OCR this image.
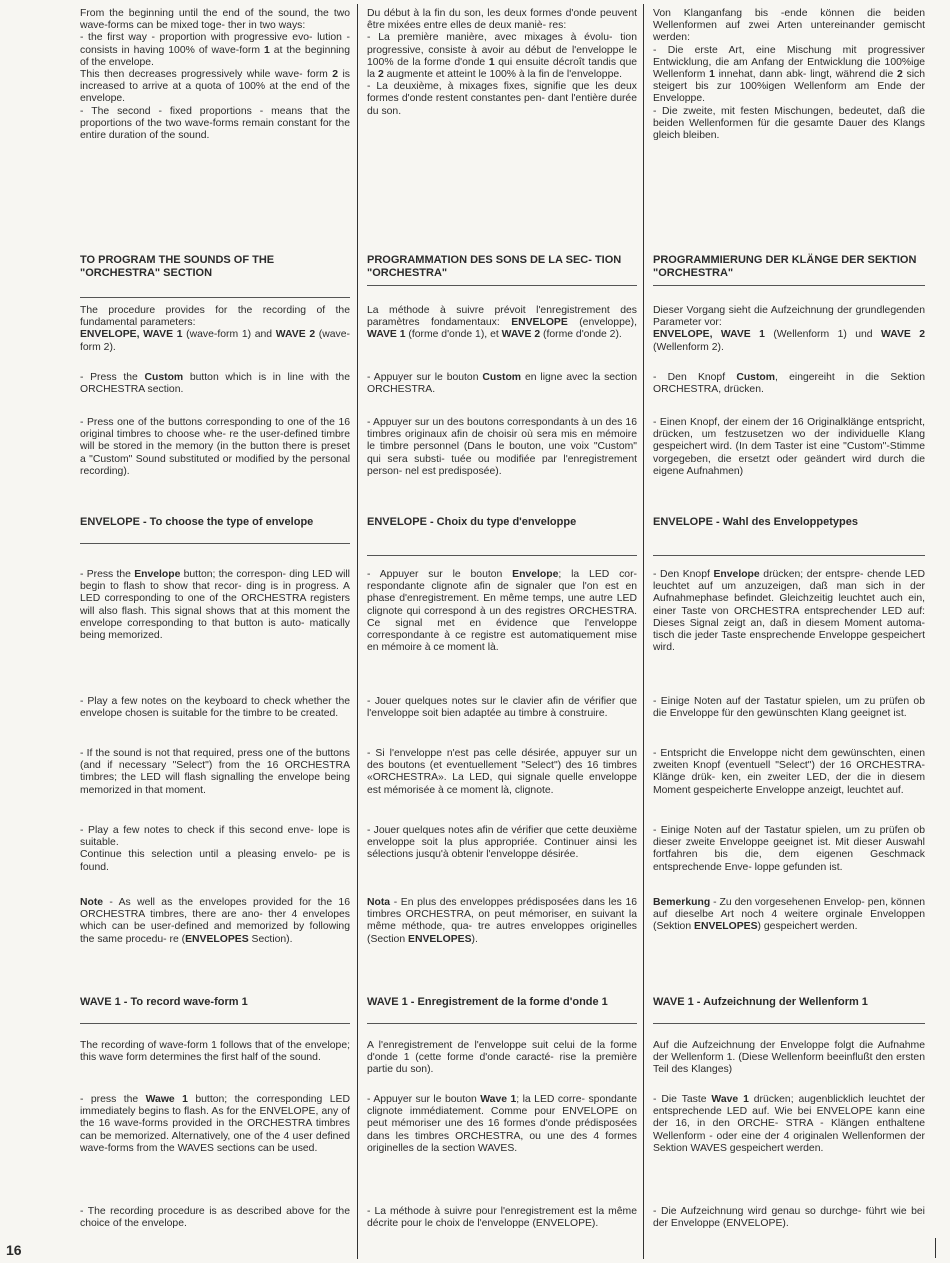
From the beginning until the end of the sound, the two wave-forms can be mixed toge- ther in two ways:

- the first way - proportion with progressive evo- lution - consists in having 100% of wave-form 1 at the beginning of the envelope.

This then decreases progressively while wave- form 2 is increased to arrive at a quota of 100% at the end of the envelope.

- The second - fixed proportions - means that the proportions of the two wave-forms remain constant for the entire duration of the sound.

TO PROGRAM THE SOUNDS OF THE "ORCHESTRA" SECTION

The procedure provides for the recording of the fundamental parameters:
ENVELOPE, WAVE 1 (wave-form 1) and WAVE 2 (wave-form 2).

- Press the Custom button which is in line with the ORCHESTRA section.

- Press one of the buttons corresponding to one of the 16 original timbres to choose whe- re the user-defined timbre will be stored in the memory (in the button there is preset a "Custom" Sound substituted or modified by the personal recording).

ENVELOPE - To choose the type of envelope

- Press the Envelope button; the correspon- ding LED will begin to flash to show that recor- ding is in progress. A LED corresponding to one of the ORCHESTRA registers will also flash. This signal shows that at this moment the envelope corresponding to that button is auto- matically being memorized.

- Play a few notes on the keyboard to check whether the envelope chosen is suitable for the timbre to be created.

- If the sound is not that required, press one of the buttons (and if necessary "Select") from the 16 ORCHESTRA timbres; the LED will flash signalling the envelope being memorized in that moment.

- Play a few notes to check if this second enve- lope is suitable.
Continue this selection until a pleasing envelo- pe is found.

Note - As well as the envelopes provided for the 16 ORCHESTRA timbres, there are ano- ther 4 envelopes which can be user-defined and memorized by following the same procedu- re (ENVELOPES Section).

WAVE 1 - To record wave-form 1

The recording of wave-form 1 follows that of the envelope; this wave form determines the first half of the sound.

- press the Wawe 1 button; the corresponding LED immediately begins to flash. As for the ENVELOPE, any of the 16 wave-forms provided in the ORCHESTRA timbres can be memorized. Alternatively, one of the 4 user defined wave-forms from the WAVES sections can be used.

- The recording procedure is as described above for the choice of the envelope.

Du début à la fin du son, les deux formes d'onde peuvent être mixées entre elles de deux maniè- res:

- La première manière, avec mixages à évolu- tion progressive, consiste à avoir au début de l'enveloppe le 100% de la forme d'onde 1 qui ensuite décroît tandis que la 2 augmente et atteint le 100% à la fin de l'enveloppe.

- La deuxième, à mixages fixes, signifie que les deux formes d'onde restent constantes pen- dant l'entière durée du son.

PROGRAMMATION DES SONS DE LA SEC- TION "ORCHESTRA"

La méthode à suivre prévoit l'enregistrement des paramètres fondamentaux: ENVELOPE (enveloppe), WAVE 1 (forme d'onde 1), et WAVE 2 (forme d'onde 2).

- Appuyer sur le bouton Custom en ligne avec la section ORCHESTRA.

- Appuyer sur un des boutons correspondants à un des 16 timbres originaux afin de choisir où sera mis en mémoire le timbre personnel (Dans le bouton, une voix "Custom" qui sera substi- tuée ou modifiée par l'enregistrement person- nel est predisposée).

ENVELOPE - Choix du type d'enveloppe

- Appuyer sur le bouton Envelope; la LED cor- respondante clignote afin de signaler que l'on est en phase d'enregistrement. En même temps, une autre LED clignote qui correspond à un des registres ORCHESTRA. Ce signal met en évidence que l'enveloppe correspondante à ce registre est automatiquement mise en mémoire à ce moment là.

- Jouer quelques notes sur le clavier afin de vérifier que l'enveloppe soit bien adaptée au timbre à construire.

- Si l'enveloppe n'est pas celle désirée, appuyer sur un des boutons (et eventuellement "Select") des 16 timbres «ORCHESTRA». La LED, qui signale quelle enveloppe est mémorisée à ce moment là, clignote.

- Jouer quelques notes afin de vérifier que cette deuxième enveloppe soit la plus appropriée. Continuer ainsi les sélections jusqu'à obtenir l'enveloppe désirée.

Nota - En plus des enveloppes prédisposées dans les 16 timbres ORCHESTRA, on peut mémoriser, en suivant la même méthode, qua- tre autres enveloppes originelles (Section ENVELOPES).

WAVE 1 - Enregistrement de la forme d'onde 1

A l'enregistrement de l'enveloppe suit celui de la forme d'onde 1 (cette forme d'onde caracté- rise la première partie du son).

- Appuyer sur le bouton Wave 1; la LED corre- spondante clignote immédiatement. Comme pour ENVELOPE on peut mémoriser une des 16 formes d'onde prédisposées dans les timbres ORCHESTRA, ou une des 4 formes originelles de la section WAVES.

- La méthode à suivre pour l'enregistrement est la même décrite pour le choix de l'enveloppe (ENVELOPE).

Von Klanganfang bis -ende können die beiden Wellenformen auf zwei Arten untereinander gemischt werden:

- Die erste Art, eine Mischung mit progressiver Entwicklung, die am Anfang der Entwicklung die 100%ige Wellenform 1 innehat, dann abk- lingt, während die 2 sich steigert bis zur 100%igen Wellenform am Ende der Enveloppe.

- Die zweite, mit festen Mischungen, bedeutet, daß die beiden Wellenformen für die gesamte Dauer des Klangs gleich bleiben.

PROGRAMMIERUNG DER KLÄNGE DER SEKTION "ORCHESTRA"

Dieser Vorgang sieht die Aufzeichnung der grundlegenden Parameter vor:
ENVELOPE, WAVE 1 (Wellenform 1) und WAVE 2 (Wellenform 2).

- Den Knopf Custom, eingereiht in die Sektion ORCHESTRA, drücken.

- Einen Knopf, der einem der 16 Originalklänge entspricht, drücken, um festzusetzen wo der individuelle Klang gespeichert wird. (In dem Taster ist eine "Custom"-Stimme vorgegeben, die ersetzt oder geändert wird durch die eigene Aufnahmen)

ENVELOPE - Wahl des Enveloppetypes

- Den Knopf Envelope drücken; der entspre- chende LED leuchtet auf um anzuzeigen, daß man sich in der Aufnahmephase befindet. Gleichzeitig leuchtet auch ein, einer Taste von ORCHESTRA entsprechender LED auf: Dieses Signal zeigt an, daß in diesem Moment automa- tisch die jeder Taste ensprechende Enveloppe gespeichert wird.

- Einige Noten auf der Tastatur spielen, um zu prüfen ob die Enveloppe für den gewünschten Klang geeignet ist.

- Entspricht die Enveloppe nicht dem gewünschten, einen zweiten Knopf (eventuell "Select") der 16 ORCHESTRA- Klänge drük- ken, ein zweiter LED, der die in diesem Moment gespeicherte Enveloppe anzeigt, leuchtet auf.

- Einige Noten auf der Tastatur spielen, um zu prüfen ob dieser zweite Enveloppe geeignet ist. Mit dieser Auswahl fortfahren bis die, dem eigenen Geschmack entsprechende Enve- loppe gefunden ist.

Bemerkung - Zu den vorgesehenen Envelop- pen, können auf dieselbe Art noch 4 weitere orginale Enveloppen (Sektion ENVELOPES) gespeichert werden.

WAVE 1 - Aufzeichnung der Wellenform 1

Auf die Aufzeichnung der Enveloppe folgt die Aufnahme der Wellenform 1. (Diese Wellenform beeinflußt den ersten Teil des Klanges)

- Die Taste Wave 1 drücken; augenblicklich leuchtet der entsprechende LED auf. Wie bei ENVELOPE kann eine der 16, in den ORCHE- STRA - Klängen enthaltene Wellenform - oder eine der 4 originalen Wellenformen der Sektion WAVES gespeichert werden.

- Die Aufzeichnung wird genau so durchge- führt wie bei der Enveloppe (ENVELOPE).

16
